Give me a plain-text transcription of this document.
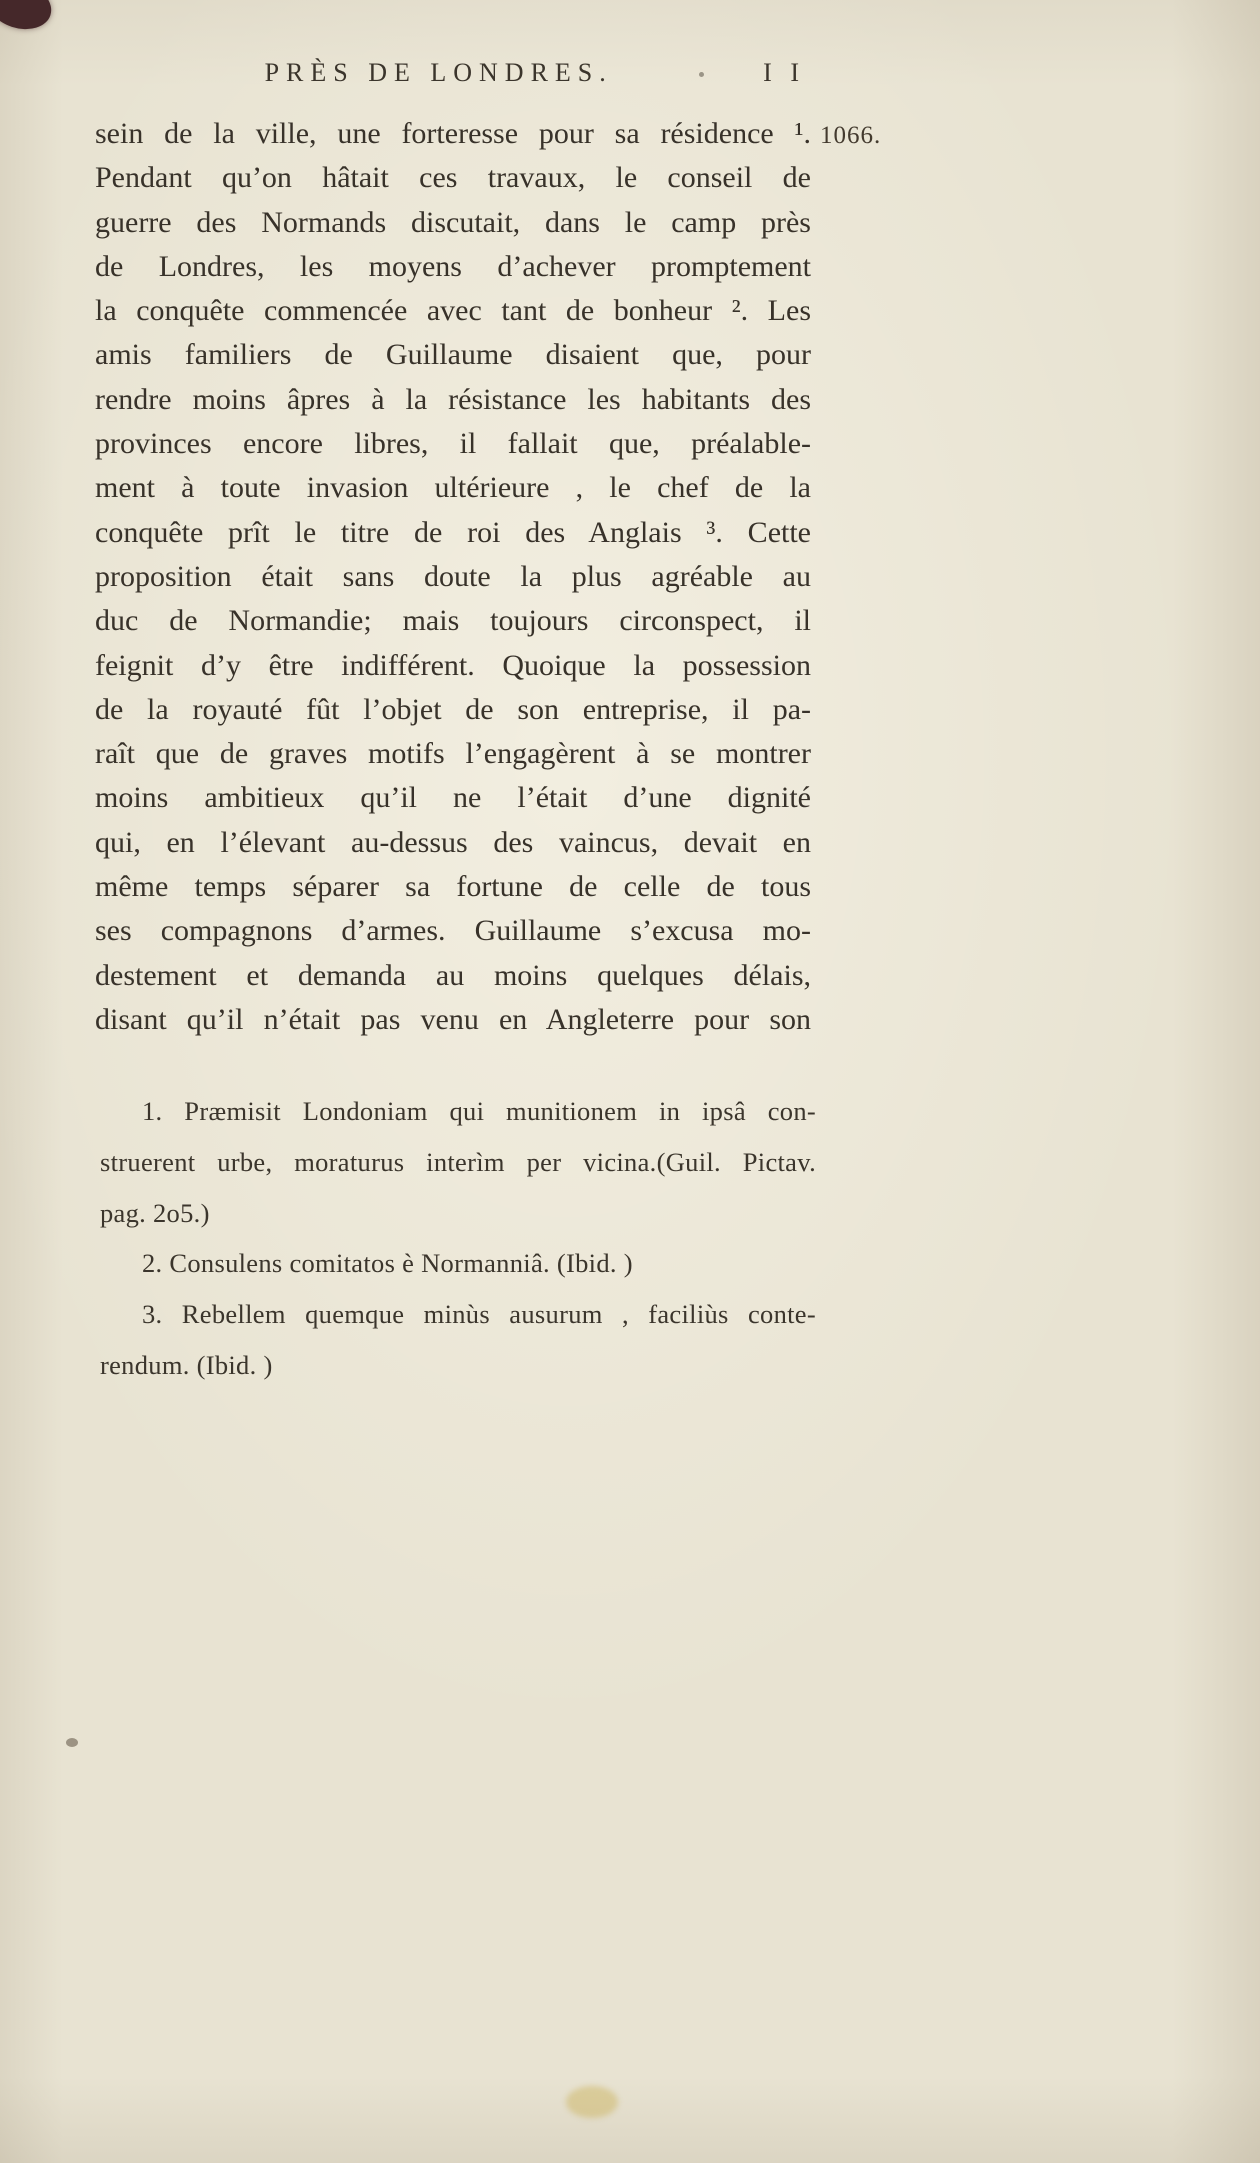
PRÈS DE LONDRES.	I I
1066.
sein de la ville, une forteresse pour sa résidence ¹.
Pendant qu’on hâtait ces travaux, le conseil de
guerre des Normands discutait, dans le camp près
de Londres, les moyens d’achever promptement
la conquête commencée avec tant de bonheur ². Les
amis familiers de Guillaume disaient que, pour
rendre moins âpres à la résistance les habitants des
provinces encore libres, il fallait que, préalable-
ment à toute invasion ultérieure , le chef de la
conquête prît le titre de roi des Anglais ³. Cette
proposition était sans doute la plus agréable au
duc de Normandie; mais toujours circonspect, il
feignit d’y être indifférent. Quoique la possession
de la royauté fût l’objet de son entreprise, il pa-
raît que de graves motifs l’engagèrent à se montrer
moins ambitieux qu’il ne l’était d’une dignité
qui, en l’élevant au-dessus des vaincus, devait en
même temps séparer sa fortune de celle de tous
ses compagnons d’armes. Guillaume s’excusa mo-
destement et demanda au moins quelques délais,
disant qu’il n’était pas venu en Angleterre pour son
1. Præmisit Londoniam qui munitionem in ipsâ con-
struerent urbe, moraturus interìm per vicina.(Guil. Pictav.
pag. 2o5.)
2. Consulens comitatos è Normanniâ. (Ibid. )
3. Rebellem quemque minùs ausurum , faciliùs conte-
rendum. (Ibid. )
